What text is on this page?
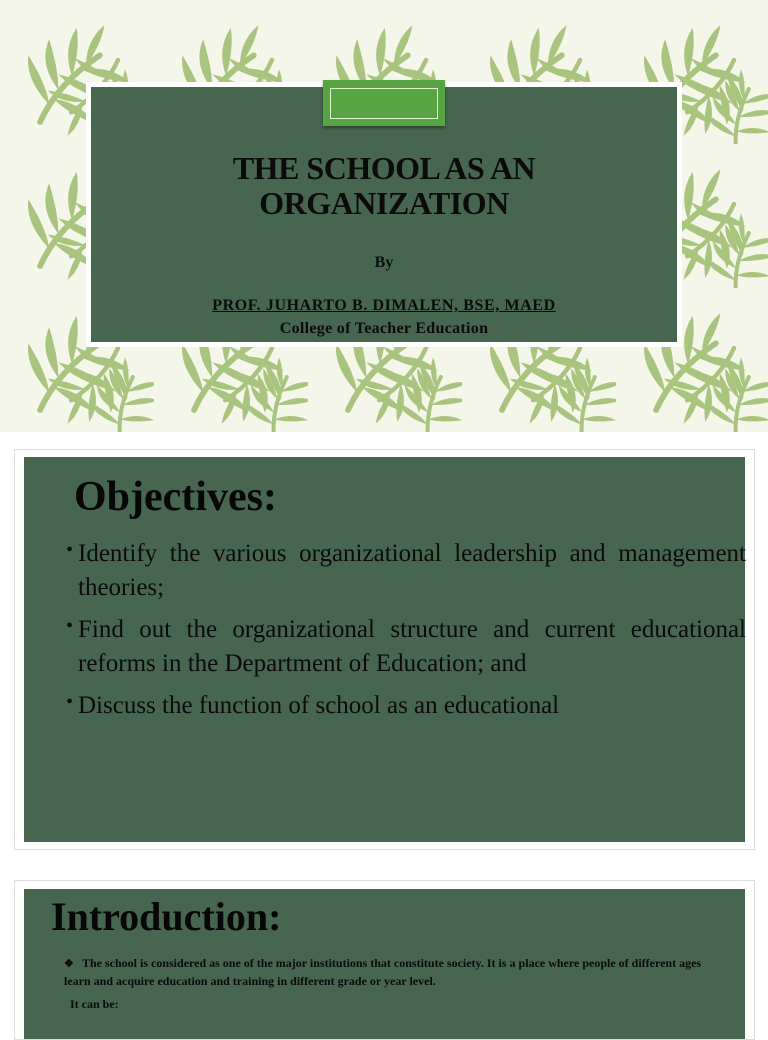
THE SCHOOL AS AN
ORGANIZATION
By
PROF. JUHARTO B. DIMALEN, BSE, MAED
College of Teacher Education
Objectives:
• Identify the various organizational leadership and management theories;
• Find out the organizational structure and current educational reforms in the Department of Education; and
• Discuss the function of school as an educational
Introduction:
❖ The school is considered as one of the major institutions that constitute society. It is a place where people of different ages learn and acquire education and training in different grade or year level.
It can be:
